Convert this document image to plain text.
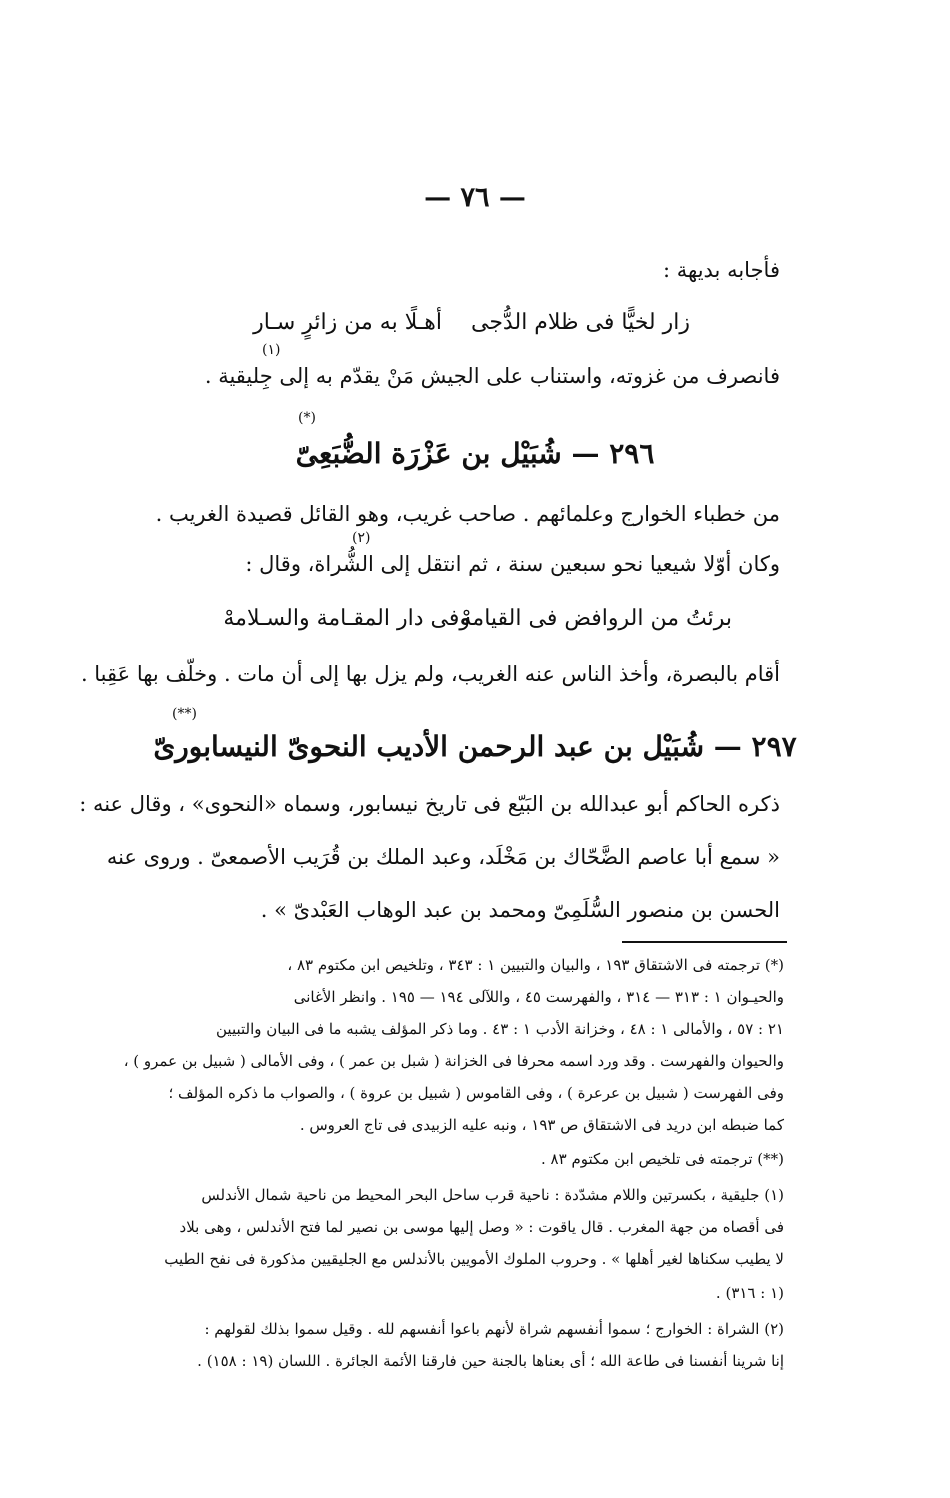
— ٧٦ —
فأجابه بديهة :
زار لخيًّا فى ظلام الدُّجى
أهـلًا به من زائرٍ سـار
(١)
فانصرف من غزوته، واستناب على الجيش مَنْ يقدّم به إلى جِليقية .
(*)
٢٩٦ — شُبَيْل بن عَزْرَة الضُّبَعِىّ
من خطباء الخوارج وعلمائهم . صاحب غريب، وهو القائل قصيدة الغريب .
(٢)
وكان أوّلا شيعيا نحو سبعين سنة ، ثم انتقل إلى الشُّراة، وقال :
برئتُ من الروافض فى القيامهْ
وفى دار المقـامة والسـلامهْ
أقام بالبصرة، وأخذ الناس عنه الغريب، ولم يزل بها إلى أن مات . وخلّف بها عَقِبا .
(**)
٢٩٧ — شُبَيْل بن عبد الرحمن الأديب النحوىّ النيسابورىّ
ذكره الحاكم أبو عبدالله بن البَيّع فى تاريخ نيسابور، وسماه «النحوى» ، وقال عنه :
« سمع أبا عاصم الضَّحّاك بن مَخْلَد، وعبد الملك بن قُرَيب الأصمعىّ . وروى عنه
الحسن بن منصور السُّلَمِىّ ومحمد بن عبد الوهاب العَبْدىّ » .
(*) ترجمته فى الاشتقاق ١٩٣ ، والبيان والتبيين ١ : ٣٤٣ ، وتلخيص ابن مكتوم ٨٣ ،
والحيـوان ١ : ٣١٣ — ٣١٤ ، والفهرست ٤٥ ، واللآلى ١٩٤ — ١٩٥ . وانظر الأغانى
٢١ : ٥٧ ، والأمالى ١ : ٤٨ ، وخزانة الأدب ١ : ٤٣ . وما ذكر المؤلف يشبه ما فى البيان والتبيين
والحيوان والفهرست . وقد ورد اسمه محرفا فى الخزانة ( شبل بن عمر ) ، وفى الأمالى ( شبيل بن عمرو ) ،
وفى الفهرست ( شبيل بن عرعرة ) ، وفى القاموس ( شبيل بن عروة ) ، والصواب ما ذكره المؤلف ؛
كما ضبطه ابن دريد فى الاشتقاق ص ١٩٣ ، ونبه عليه الزبيدى فى تاج العروس .
(**) ترجمته فى تلخيص ابن مكتوم ٨٣ .
(١) جليقية ، بكسرتين واللام مشدّدة : ناحية قرب ساحل البحر المحيط من ناحية شمال الأندلس
فى أقصاه من جهة المغرب . قال ياقوت : « وصل إليها موسى بن نصير لما فتح الأندلس ، وهى بلاد
لا يطيب سكناها لغير أهلها » . وحروب الملوك الأمويين بالأندلس مع الجليقيين مذكورة فى نفح الطيب
(١ : ٣١٦) .
(٢) الشراة : الخوارج ؛ سموا أنفسهم شراة لأنهم باعوا أنفسهم لله . وقيل سموا بذلك لقولهم :
إنا شرينا أنفسنا فى طاعة الله ؛ أى بعناها بالجنة حين فارقنا الأئمة الجائرة . اللسان (١٩ : ١٥٨) .
